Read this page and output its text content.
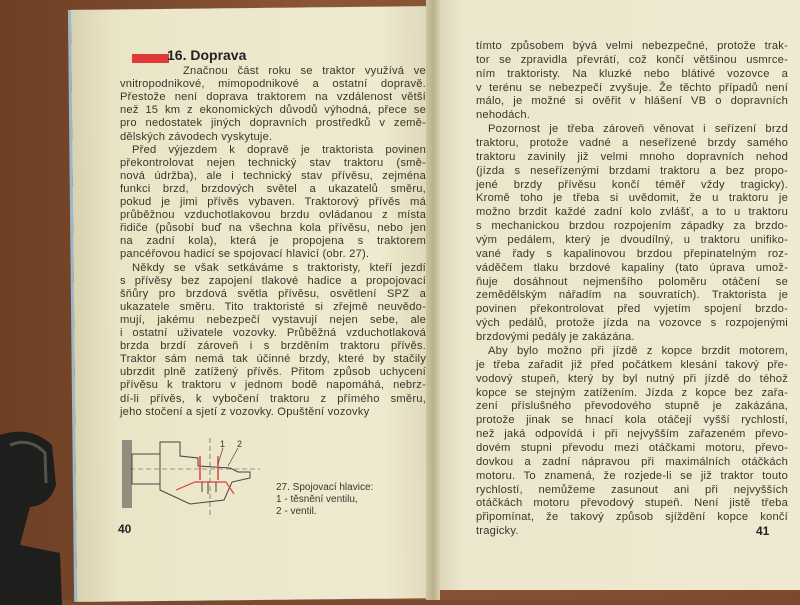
16. Doprava
Značnou část roku se traktor využívá ve
vnitropodnikové, mimopodnikové a ostatní dopravě.
Přestože není doprava traktorem na vzdálenost větší
než 15 km z ekonomických důvodů výhodná, přece se
pro nedostatek jiných dopravních prostředků v země-
dělských závodech vyskytuje.
Před výjezdem k dopravě je traktorista povinen
překontrolovat nejen technický stav traktoru (smě-
nová údržba), ale i technický stav přívěsu, zejména
funkci brzd, brzdových světel a ukazatelů směru,
pokud je jimi přívěs vybaven. Traktorový přívěs má
průběžnou vzduchotlakovou brzdu ovládanou z místa
řidiče (působí buď na všechna kola přívěsu, nebo jen
na zadní kola), která je propojena s traktorem
pancéřovou hadicí se spojovací hlavicí (obr. 27).
Někdy se však setkáváme s traktoristy, kteří jezdí
s přívěsy bez zapojení tlakové hadice a propojovací
šňůry pro brzdová světla přívěsu, osvětlení SPZ a
ukazatele směru. Tito traktoristé si zřejmě neuvědo-
mují, jakému nebezpečí vystavují nejen sebe, ale
i ostatní uživatele vozovky. Průběžná vzduchotlaková
brzda brzdí zároveň i s brzděním traktoru přívěs.
Traktor sám nemá tak účinné brzdy, které by stačily
ubrzdit plně zatížený přívěs. Přitom způsob uchycení
přívěsu k traktoru v jednom bodě napomáhá, nebrz-
dí-li přívěs, k vybočení traktoru z přímého směru,
jeho stočení a sjetí z vozovky. Opuštění vozovky
tímto způsobem bývá velmi nebezpečné, protože trak-
tor se zpravidla převrátí, což končí většinou usmrce-
ním traktoristy. Na kluzké nebo blátivé vozovce a
v terénu se nebezpečí zvyšuje. Že těchto případů není
málo, je možné si ověřit v hlášení VB o dopravních
nehodách.
Pozornost je třeba zároveň věnovat i seřízení brzd
traktoru, protože vadné a neseřízené brzdy samého
traktoru zavinily již velmi mnoho dopravních nehod
(jízda s neseřízenými brzdami traktoru a bez propo-
jené brzdy přívěsu končí téměř vždy tragicky).
Kromě toho je třeba si uvědomit, že u traktoru je
možno brzdit každé zadní kolo zvlášť, a to u traktoru
s mechanickou brzdou rozpojením západky za brzdo-
vým pedálem, který je dvoudílný, u traktoru unifiko-
vané řady s kapalinovou brzdou přepinatelným roz-
váděčem tlaku brzdové kapaliny (tato úprava umož-
ňuje dosáhnout nejmenšího poloměru otáčení se
zemědělským nářadím na souvratích). Traktorista je
povinen překontrolovat před vyjetím spojení brzdo-
vých pedálů, protože jízda na vozovce s rozpojenými
brzdovými pedály je zakázána.
Aby bylo možno při jízdě z kopce brzdit motorem,
je třeba zařadit již před počátkem klesání takový pře-
vodový stupeň, který by byl nutný při jízdě do téhož
kopce se stejným zatížením. Jízda z kopce bez zařa-
zení příslušného převodového stupně je zakázána,
protože jinak se hnací kola otáčejí vyšší rychlostí,
než jaká odpovídá i při nejvyšším zařazeném převo-
dovém stupni převodu mezi otáčkami motoru, převo-
dovkou a zadní nápravou při maximálních otáčkách
motoru. To znamená, že rozjede-li se již traktor touto
rychlostí, nemůžeme zasunout ani při nejvyšších
otáčkách motoru převodový stupeň. Není jistě třeba
připomínat, že takový způsob sjíždění kopce končí
tragicky.
1 2
27. Spojovací hlavice:
1 - těsnění ventilu,
2 - ventil.
40	41
